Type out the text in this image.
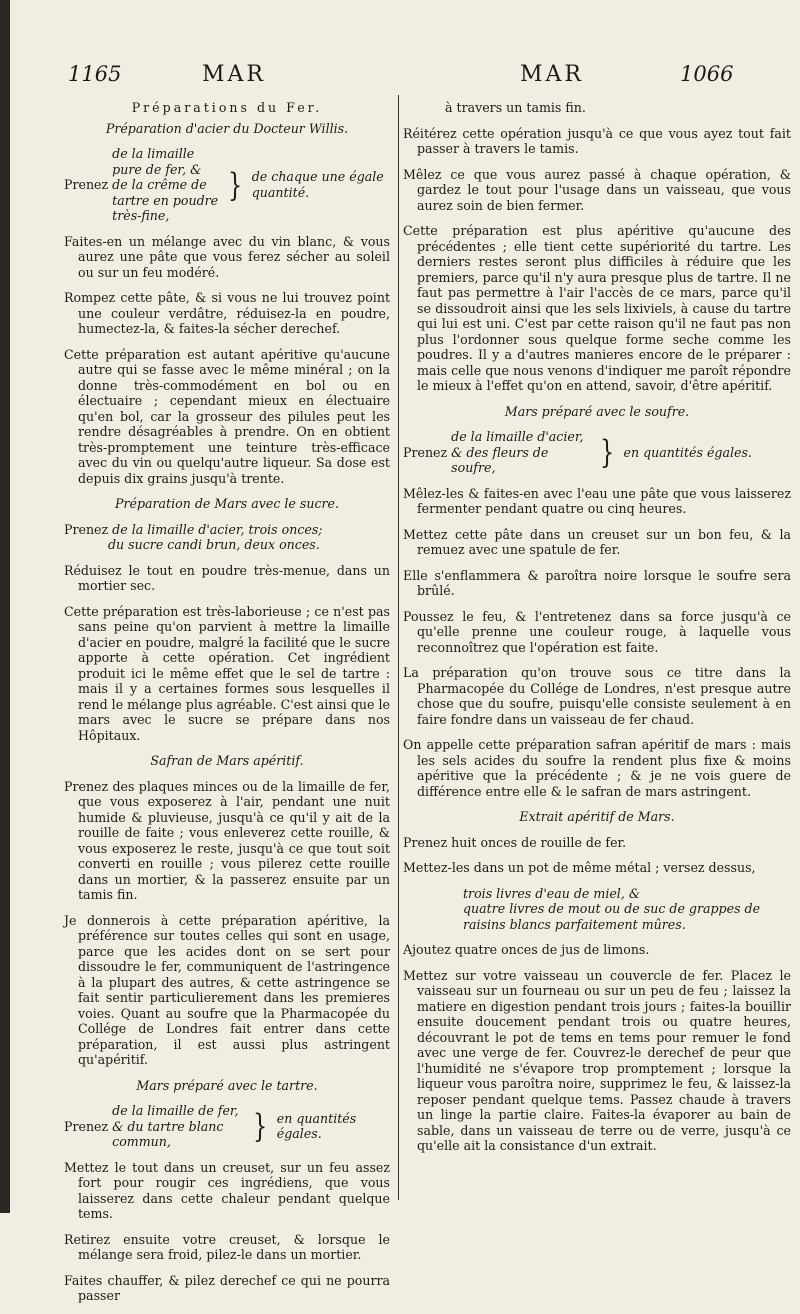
1165	MAR	MAR	1066
Préparations du Fer.
Préparation d'acier du Docteur Willis.
Prenez
de la limaille pure de fer, & de la crême de tartre en poudre très-fine,
} de chaque une égale quantité.

Faites-en un mélange avec du vin blanc, & vous aurez une pâte que vous ferez sécher au soleil ou sur un feu modéré.

Rompez cette pâte, & si vous ne lui trouvez point une couleur verdâtre, réduisez-la en poudre, humectez-la, & faites-la sécher derechef.

Cette préparation est autant apéritive qu'aucune autre qui se fasse avec le même minéral ; on la donne très-commodément en bol ou en électuaire ; cependant mieux en électuaire qu'en bol, car la grosseur des pilules peut les rendre désagréables à prendre. On en obtient très-promptement une teinture très-efficace avec du vin ou quelqu'autre liqueur. Sa dose est depuis dix grains jusqu'à trente.

Préparation de Mars avec le sucre.
Prenez de la limaille d'acier, trois onces;
du sucre candi brun, deux onces.

Réduisez le tout en poudre très-menue, dans un mortier sec.

Cette préparation est très-laborieuse ; ce n'est pas sans peine qu'on parvient à mettre la limaille d'acier en poudre, malgré la facilité que le sucre apporte à cette opération. Cet ingrédient produit ici le même effet que le sel de tartre : mais il y a certaines formes sous lesquelles il rend le mélange plus agréable. C'est ainsi que le mars avec le sucre se prépare dans nos Hôpitaux.

Safran de Mars apéritif.

Prenez des plaques minces ou de la limaille de fer, que vous exposerez à l'air, pendant une nuit humide & pluvieuse, jusqu'à ce qu'il y ait de la rouille de faite ; vous enleverez cette rouille, & vous exposerez le reste, jusqu'à ce que tout soit converti en rouille ; vous pilerez cette rouille dans un mortier, & la passerez ensuite par un tamis fin.

Je donnerois à cette préparation apéritive, la préférence sur toutes celles qui sont en usage, parce que les acides dont on se sert pour dissoudre le fer, communiquent de l'astringence à la plupart des autres, & cette astringence se fait sentir particulierement dans les premieres voies. Quant au soufre que la Pharmacopée du Collége de Londres fait entrer dans cette préparation, il est aussi plus astringent qu'apéritif.

Mars préparé avec le tartre.
Prenez
de la limaille de fer, & du tartre blanc commun,	} en quantités égales.

Mettez le tout dans un creuset, sur un feu assez fort pour rougir ces ingrédiens, que vous laisserez dans cette chaleur pendant quelque tems.

Retirez ensuite votre creuset, & lorsque le mélange sera froid, pilez-le dans un mortier.

Faites chauffer, & pilez derechef ce qui ne pourra passer

à travers un tamis fin.

Réitérez cette opération jusqu'à ce que vous ayez tout fait passer à travers le tamis.

Mêlez ce que vous aurez passé à chaque opération, & gardez le tout pour l'usage dans un vaisseau, que vous aurez soin de bien fermer.

Cette préparation est plus apéritive qu'aucune des précédentes ; elle tient cette supériorité du tartre. Les derniers restes seront plus difficiles à réduire que les premiers, parce qu'il n'y aura presque plus de tartre. Il ne faut pas permettre à l'air l'accès de ce mars, parce qu'il se dissoudroit ainsi que les sels lixiviels, à cause du tartre qui lui est uni. C'est par cette raison qu'il ne faut pas non plus l'ordonner sous quelque forme seche comme les poudres. Il y a d'autres manieres encore de le préparer : mais celle que nous venons d'indiquer me paroît répondre le mieux à l'effet qu'on en attend, savoir, d'être apéritif.

Mars préparé avec le soufre.
Prenez
de la limaille d'acier, & des fleurs de soufre,	} en quantités égales.

Mêlez-les & faites-en avec l'eau une pâte que vous laisserez fermenter pendant quatre ou cinq heures.

Mettez cette pâte dans un creuset sur un bon feu, & la remuez avec une spatule de fer.

Elle s'enflammera & paroîtra noire lorsque le soufre sera brûlé.

Poussez le feu, & l'entretenez dans sa force jusqu'à ce qu'elle prenne une couleur rouge, à laquelle vous reconnoîtrez que l'opération est faite.

La préparation qu'on trouve sous ce titre dans la Pharmacopée du Collége de Londres, n'est presque autre chose que du soufre, puisqu'elle consiste seulement à en faire fondre dans un vaisseau de fer chaud.

On appelle cette préparation safran apéritif de mars : mais les sels acides du soufre la rendent plus fixe & moins apéritive que la précédente ; & je ne vois guere de différence entre elle & le safran de mars astringent.

Extrait apéritif de Mars.

Prenez huit onces de rouille de fer.

Mettez-les dans un pot de même métal ; versez dessus,

trois livres d'eau de miel, &
quatre livres de mout ou de suc de grappes de raisins blancs parfaitement mûres.

Ajoutez quatre onces de jus de limons.

Mettez sur votre vaisseau un couvercle de fer. Placez le vaisseau sur un fourneau ou sur un peu de feu ; laissez la matiere en digestion pendant trois jours ; faites-la bouillir ensuite doucement pendant trois ou quatre heures, découvrant le pot de tems en tems pour remuer le fond avec une verge de fer. Couvrez-le derechef de peur que l'humidité ne s'évapore trop promptement ; lorsque la liqueur vous paroîtra noire, supprimez le feu, & laissez-la reposer pendant quelque tems. Passez chaude à travers un linge la partie claire. Faites-la évaporer au bain de sable, dans un vaisseau de terre ou de verre, jusqu'à ce qu'elle ait la consistance d'un extrait.
